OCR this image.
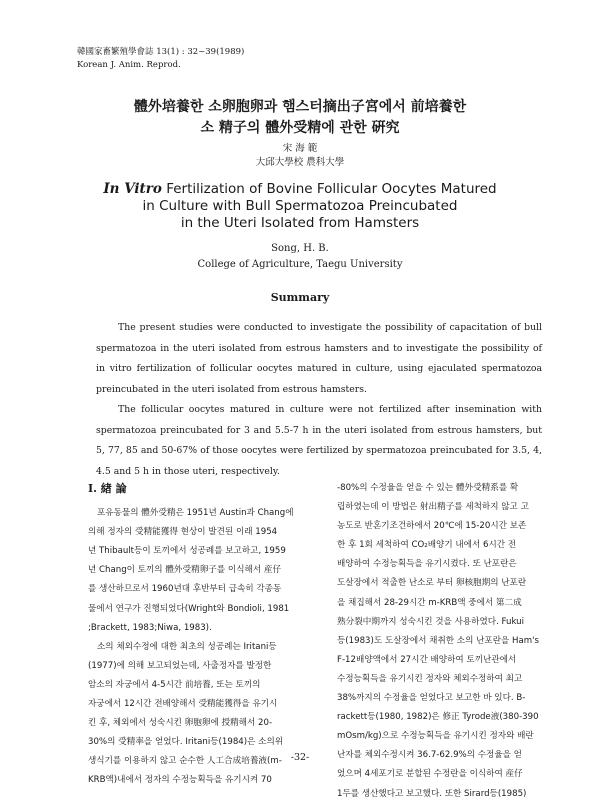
韓國家畜繁殖學會誌 13(1) : 32~39(1989)
Korean J. Anim. Reprod.
體外培養한 소卵胞卵과 햄스터摘出子宮에서 前培養한
소 精子의 體外受精에 관한 硏究
宋 海 範
大邱大學校 農科大學
In Vitro Fertilization of Bovine Follicular Oocytes Matured
in Culture with Bull Spermatozoa Preincubated
in the Uteri Isolated from Hamsters
Song, H. B.
College of Agriculture, Taegu University
Summary

The present studies were conducted to investigate the possibility of capacitation of bull spermatozoa in the uteri isolated from estrous hamsters and to investigate the possibility of in vitro fertilization of follicular oocytes matured in culture, using ejaculated spermatozoa preincubated in the uteri isolated from estrous hamsters.

The follicular oocytes matured in culture were not fertilized after insemination with spermatozoa preincubated for 3 and 5.5-7 h in the uteri isolated from estrous hamsters, but 5, 77, 85 and 50-67% of those oocytes were fertilized by spermatozoa preincubated for 3.5, 4, 4.5 and 5 h in those uteri, respectively.

Ⅰ. 緖 論
포유동물의 體外受精은 1951년 Austin과 Chang에
의해 정자의 受精能獲得 현상이 발견된 이래 1954
년 Thibault등이 토끼에서 성공례를 보고하고, 1959
년 Chang이 토끼의 體外受精卵子를 이식해서 産仔
를 생산하므로서 1960년대 후반부터 급속히 각종동
물에서 연구가 진행되었다(Wright와 Bondioli, 1981
;Brackett, 1983;Niwa, 1983).
소의 체외수정에 대한 최초의 성공례는 Iritani등
(1977)에 의해 보고되었는데, 사출정자를 발정한
암소의 자궁에서 4-5시간 前培養, 또는 토끼의
자궁에서 12시간 전배양해서 受精能獲得을 유기시
킨 후, 체외에서 성숙시킨 卵胞卵에 授精해서 20-
30%의 受精率을 얻었다. Iritani등(1984)은 소의위
생식기를 이용하지 않고 순수한 人工合成培養液(m-
KRB액)내에서 정자의 수정능획득을 유기시켜 70
-80%의 수정율을 얻을 수 있는 體外受精系를 확
립하였는데 이 방법은 射出精子를 세척하지 않고 고
농도로 반혼기조건하에서 20℃에 15-20시간 보존
한 후 1회 세척하여 CO₂배양기 내에서 6시간 전
배양하여 수정능획득을 유기시켰다. 또 난포란은
도살장에서 적출한 난소로 부터 卵核胞期의 난포란
을 채집해서 28-29시간 m-KRB액 중에서 第二成
熟分裂中期까지 성숙시킨 것을 사용하였다. Fukui
등(1983)도 도살장에서 채취한 소의 난포란을 Ham's
F-12배양액에서 27시간 배양하여 토끼난관에서
수정능획득을 유기시킨 정자와 체외수정하여 최고
38%까지의 수정율을 얻었다고 보고한 바 있다. B-
rackett등(1980, 1982)은 修正 Tyrode液(380-390
mOsm/kg)으로 수정능획득을 유기시킨 정자와 배란
난자를 체외수정시켜 36.7-62.9%의 수정율을 얻
었으며 4세포기로 분할된 수정란을 이식하여 産仔
1두를 생산했다고 보고했다. 또한 Sirard등(1985)
-32-
